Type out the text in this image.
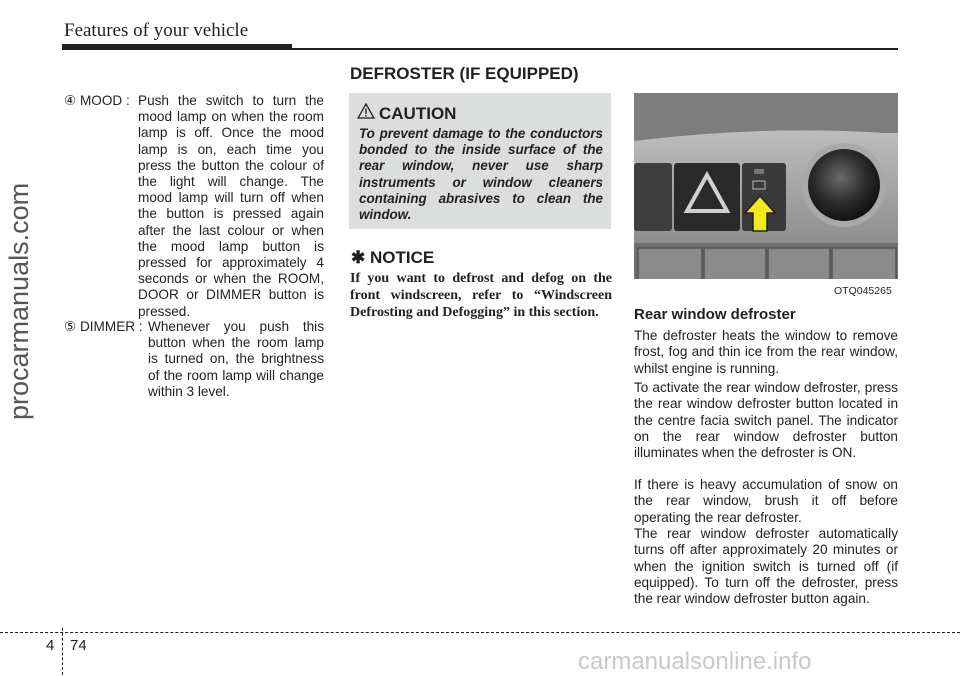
Features of your vehicle
procarmanuals.com
DEFROSTER (IF EQUIPPED)
④ MOOD : Push the switch to turn the mood lamp on when the room lamp is off. Once the mood lamp is on, each time you press the button the colour of the light will change. The mood lamp will turn off when the button is pressed again after the last colour or when the mood lamp button is pressed for approximately 4 seconds or when the ROOM, DOOR or DIMMER button is pressed.
⑤ DIMMER : Whenever you push this button when the room lamp is turned on, the brightness of the room lamp will change within 3 level.
CAUTION
To prevent damage to the conductors bonded to the inside surface of the rear window, never use sharp instruments or window cleaners containing abrasives to clean the window.
✱ NOTICE
If you want to defrost and defog on the front windscreen, refer to “Windscreen Defrosting and Defogging” in this section.
OTQ045265
Rear window defroster
The defroster heats the window to remove frost, fog and thin ice from the rear window, whilst engine is running.
To activate the rear window defroster, press the rear window defroster button located in the centre facia switch panel. The indicator on the rear window defroster button illuminates when the defroster is ON.
If there is heavy accumulation of snow on the rear window, brush it off before operating the rear defroster.
The rear window defroster automatically turns off after approximately 20 minutes or when the ignition switch is turned off (if equipped). To turn off the defroster, press the rear window defroster button again.
4 74
carmanualsonline.info
